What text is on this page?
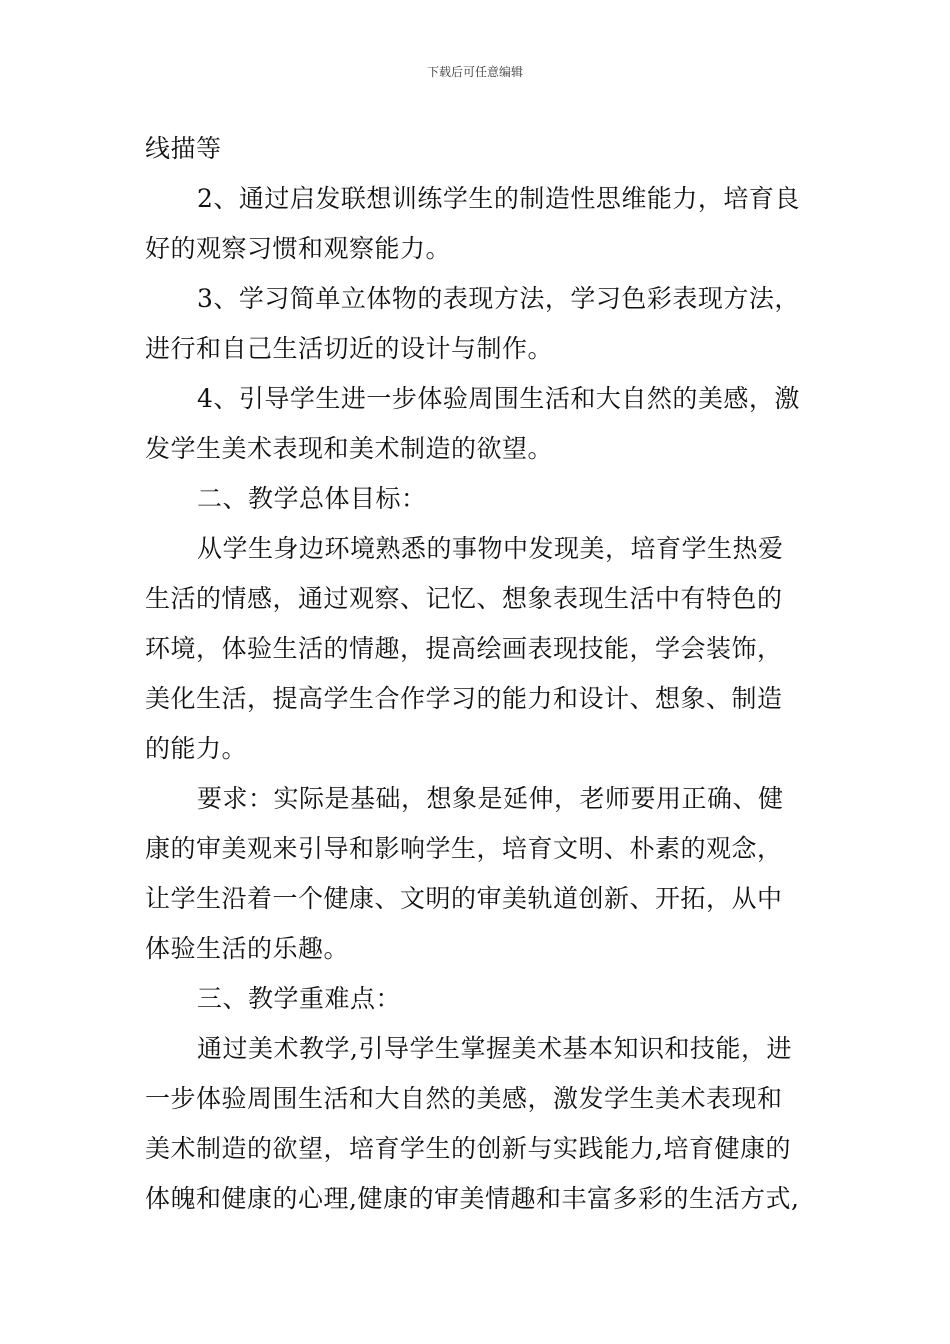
下载后可任意编辑
线描等
2、通过启发联想训练学生的制造性思维能力，培育良
好的观察习惯和观察能力。
3、学习简单立体物的表现方法，学习色彩表现方法，
进行和自己生活切近的设计与制作。
4、引导学生进一步体验周围生活和大自然的美感，激
发学生美术表现和美术制造的欲望。
二、教学总体目标：
从学生身边环境熟悉的事物中发现美，培育学生热爱
生活的情感，通过观察、记忆、想象表现生活中有特色的
环境，体验生活的情趣，提高绘画表现技能，学会装饰，
美化生活，提高学生合作学习的能力和设计、想象、制造
的能力。
要求：实际是基础，想象是延伸，老师要用正确、健
康的审美观来引导和影响学生，培育文明、朴素的观念，
让学生沿着一个健康、文明的审美轨道创新、开拓，从中
体验生活的乐趣。
三、教学重难点：
通过美术教学,引导学生掌握美术基本知识和技能，进
一步体验周围生活和大自然的美感，激发学生美术表现和
美术制造的欲望，培育学生的创新与实践能力,培育健康的
体魄和健康的心理,健康的审美情趣和丰富多彩的生活方式,
